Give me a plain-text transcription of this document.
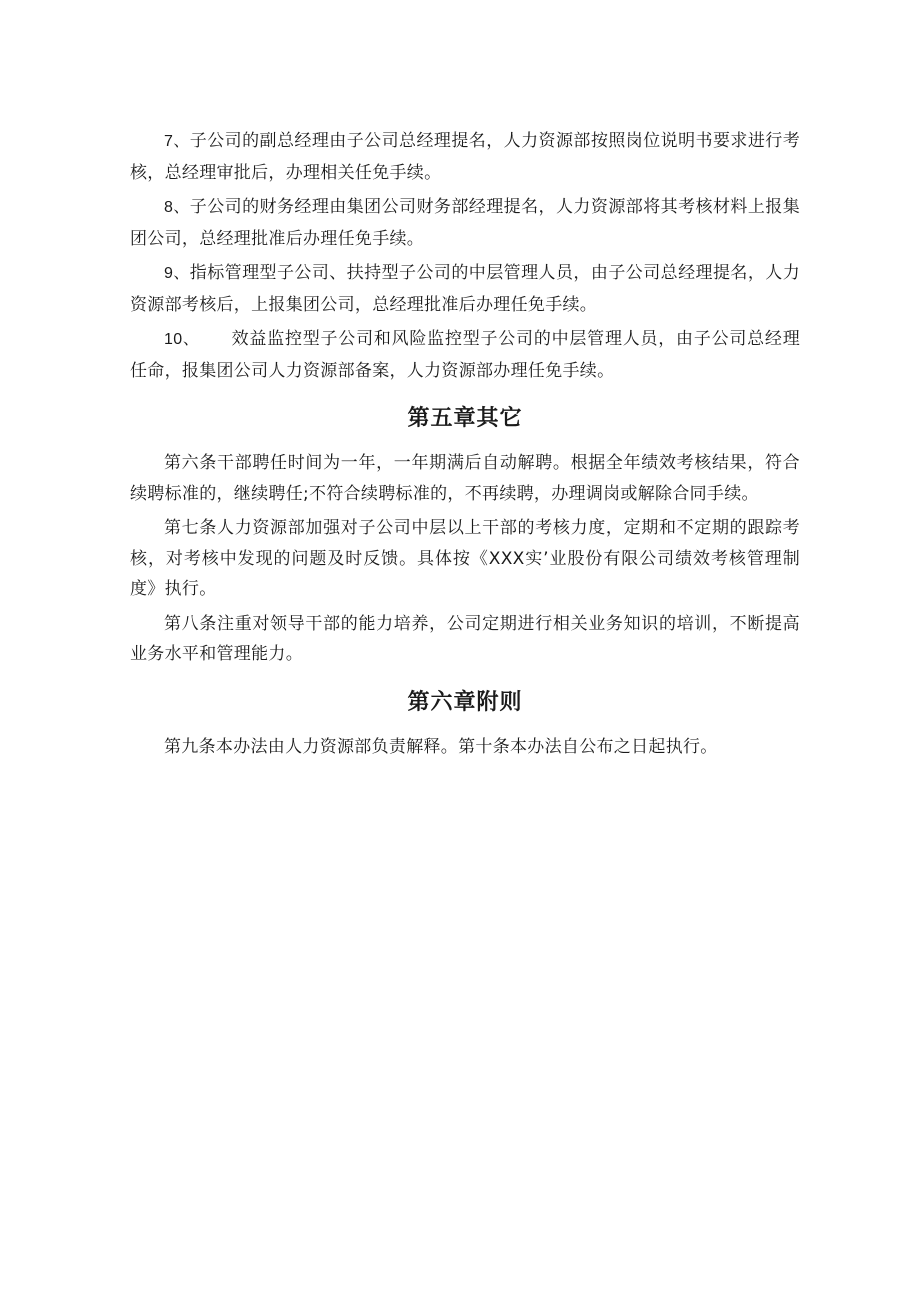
7、子公司的副总经理由子公司总经理提名，人力资源部按照岗位说明书要求进行考核，总经理审批后，办理相关任免手续。

8、子公司的财务经理由集团公司财务部经理提名，人力资源部将其考核材料上报集团公司，总经理批准后办理任免手续。

9、指标管理型子公司、扶持型子公司的中层管理人员，由子公司总经理提名，人力资源部考核后，上报集团公司，总经理批准后办理任免手续。

10、 效益监控型子公司和风险监控型子公司的中层管理人员，由子公司总经理任命，报集团公司人力资源部备案，人力资源部办理任免手续。

第五章其它

第六条干部聘任时间为一年，一年期满后自动解聘。根据全年绩效考核结果，符合续聘标准的，继续聘任;不符合续聘标准的，不再续聘，办理调岗或解除合同手续。

第七条人力资源部加强对子公司中层以上干部的考核力度，定期和不定期的跟踪考核，对考核中发现的问题及时反馈。具体按《XXX实’业股份有限公司绩效考核管理制度》执行。

第八条注重对领导干部的能力培养，公司定期进行相关业务知识的培训，不断提高业务水平和管理能力。

第六章附则

第九条本办法由人力资源部负责解释。第十条本办法自公布之日起执行。
